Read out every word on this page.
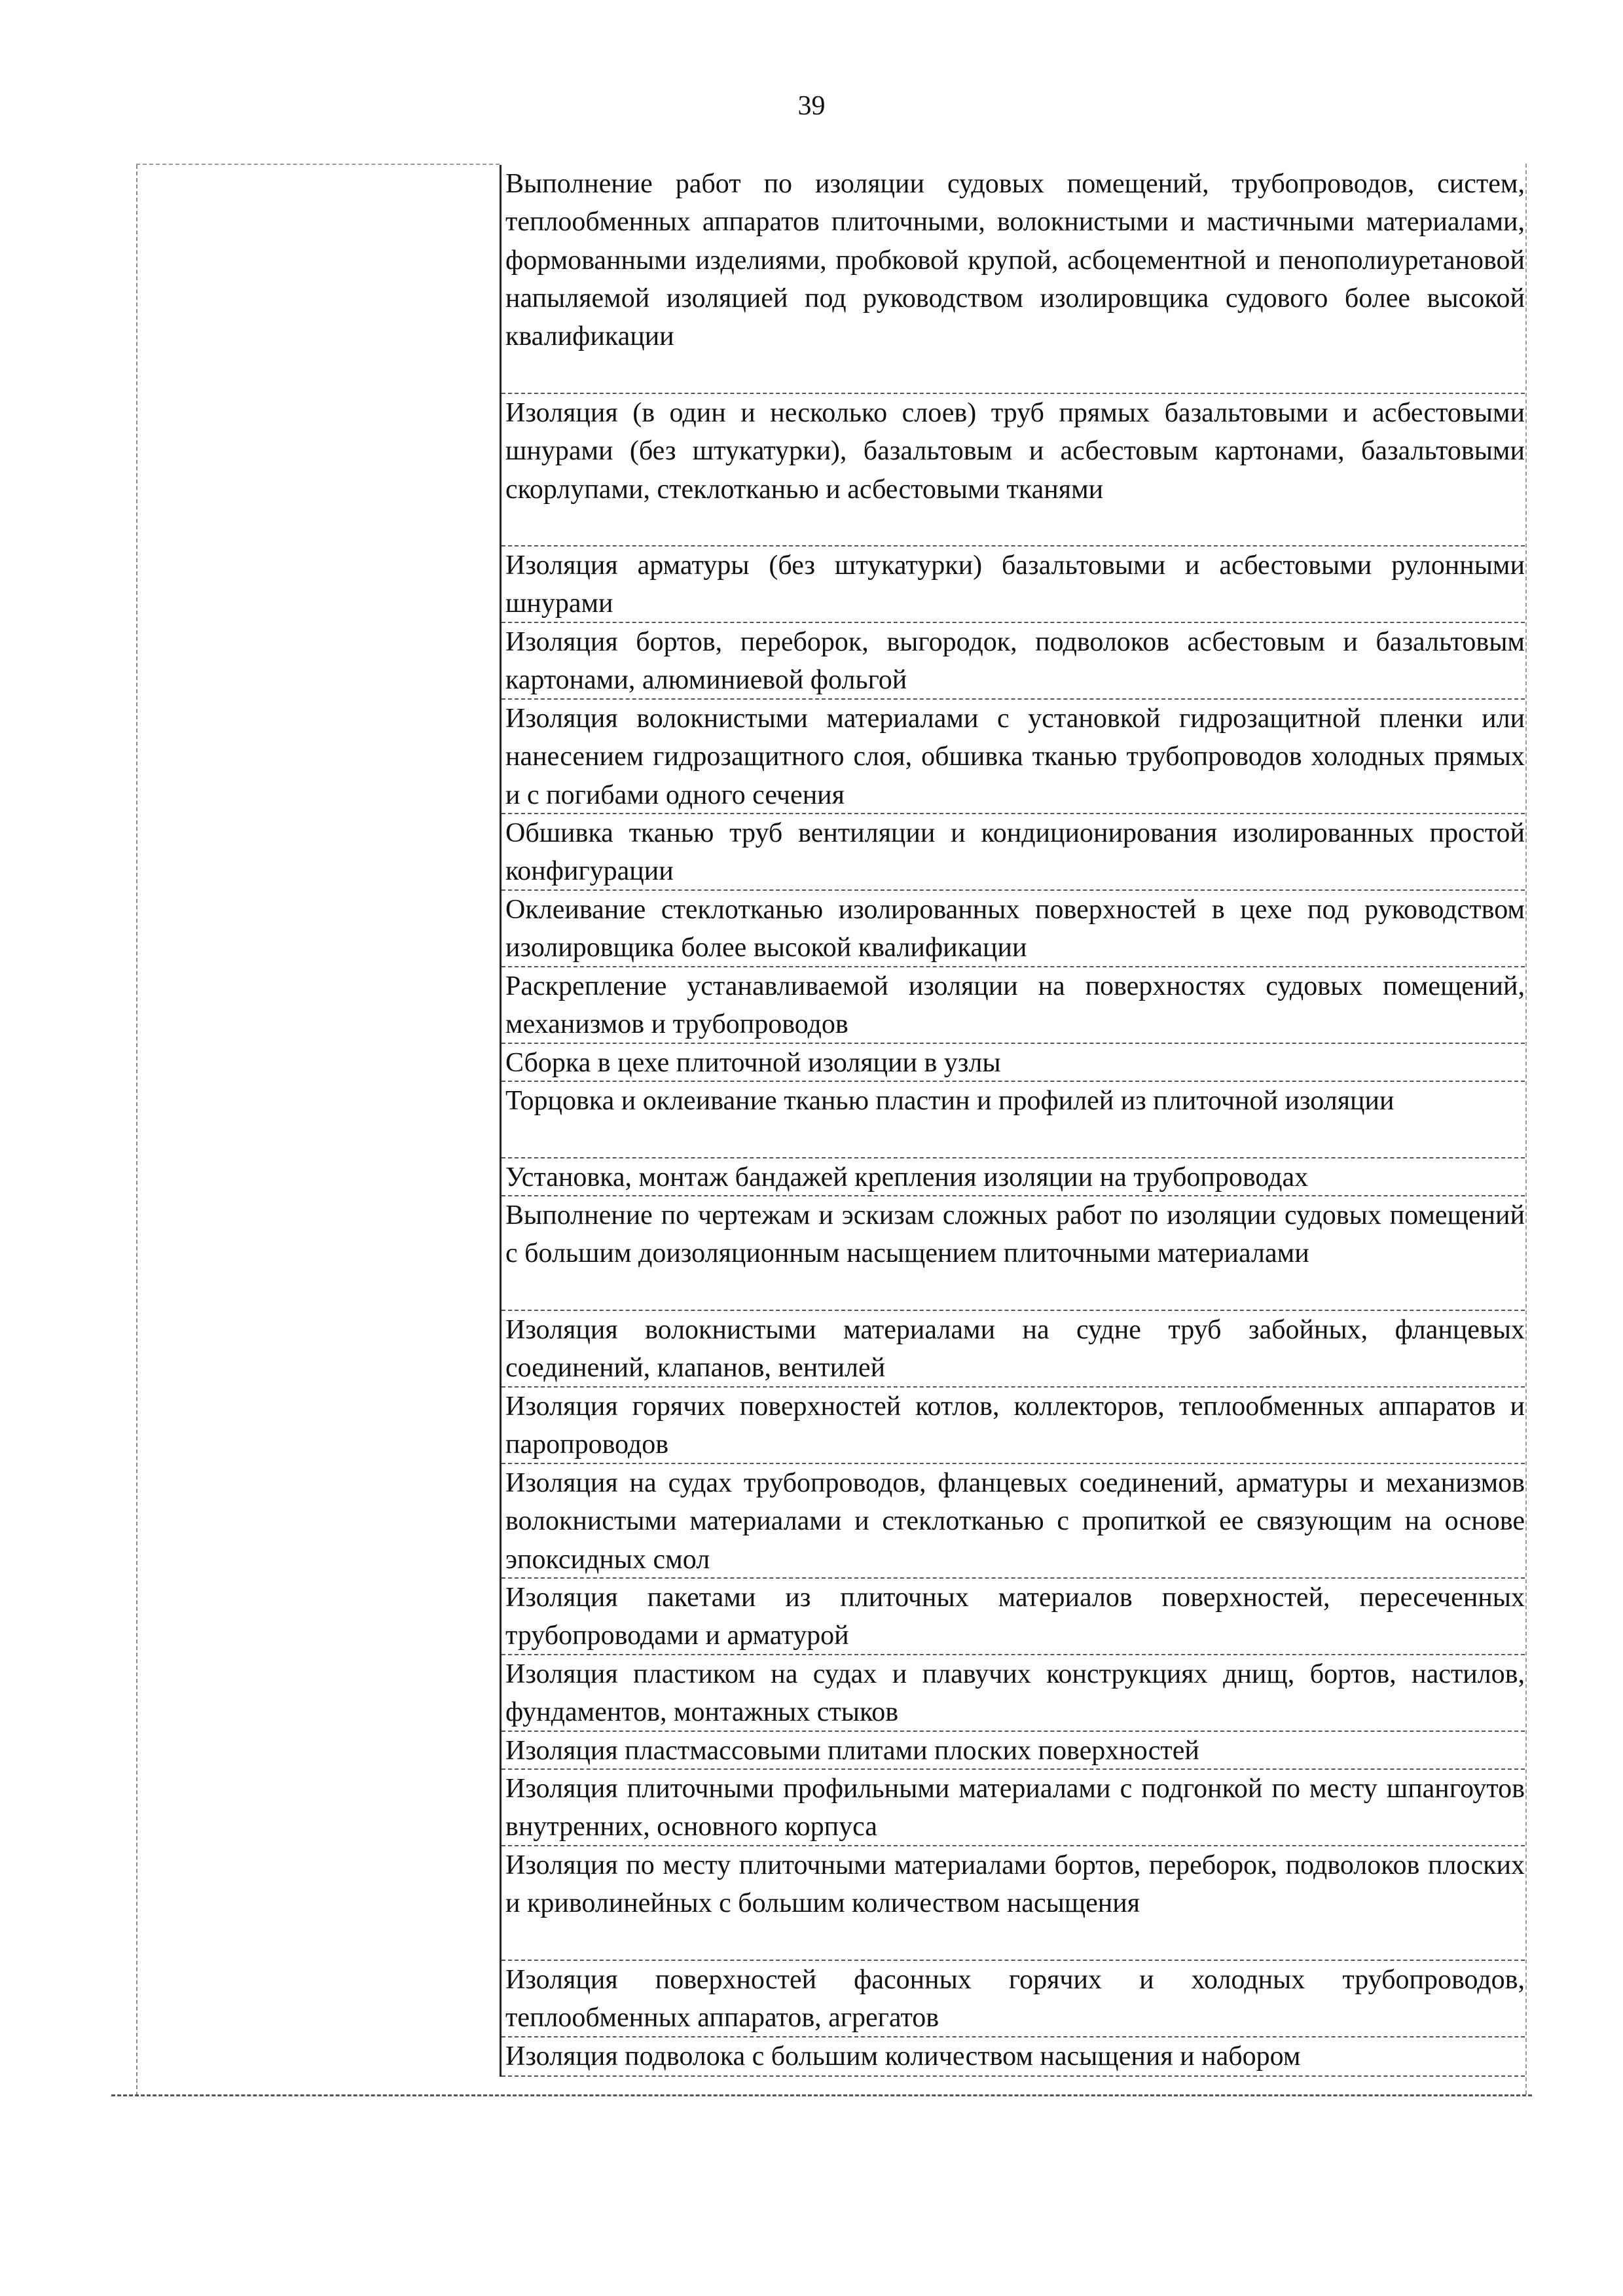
39
Выполнение работ по изоляции судовых помещений, трубопроводов, систем, теплообменных аппаратов плиточными, волокнистыми и мастичными материалами, формованными изделиями, пробковой крупой, асбоцементной и пенополиуретановой напыляемой изоляцией под руководством изолировщика судового более высокой квалификации
Изоляция (в один и несколько слоев) труб прямых базальтовыми и асбестовыми шнурами (без штукатурки), базальтовым и асбестовым картонами, базальтовыми скорлупами, стеклотканью и асбестовыми тканями
Изоляция арматуры (без штукатурки) базальтовыми и асбестовыми рулонными шнурами
Изоляция бортов, переборок, выгородок, подволоков асбестовым и базальтовым картонами, алюминиевой фольгой
Изоляция волокнистыми материалами с установкой гидрозащитной пленки или нанесением гидрозащитного слоя, обшивка тканью трубопроводов холодных прямых и с погибами одного сечения
Обшивка тканью труб вентиляции и кондиционирования изолированных простой конфигурации
Оклеивание стеклотканью изолированных поверхностей в цехе под руководством изолировщика более высокой квалификации
Раскрепление устанавливаемой изоляции на поверхностях судовых помещений, механизмов и трубопроводов
Сборка в цехе плиточной изоляции в узлы
Торцовка и оклеивание тканью пластин и профилей из плиточной изоляции
Установка, монтаж бандажей крепления изоляции на трубопроводах
Выполнение по чертежам и эскизам сложных работ по изоляции судовых помещений с большим доизоляционным насыщением плиточными материалами
Изоляция волокнистыми материалами на судне труб забойных, фланцевых соединений, клапанов, вентилей
Изоляция горячих поверхностей котлов, коллекторов, теплообменных аппаратов и паропроводов
Изоляция на судах трубопроводов, фланцевых соединений, арматуры и механизмов волокнистыми материалами и стеклотканью с пропиткой ее связующим на основе эпоксидных смол
Изоляция пакетами из плиточных материалов поверхностей, пересеченных трубопроводами и арматурой
Изоляция пластиком на судах и плавучих конструкциях днищ, бортов, настилов, фундаментов, монтажных стыков
Изоляция пластмассовыми плитами плоских поверхностей
Изоляция плиточными профильными материалами с подгонкой по месту шпангоутов внутренних, основного корпуса
Изоляция по месту плиточными материалами бортов, переборок, подволоков плоских и криволинейных с большим количеством насыщения
Изоляция поверхностей фасонных горячих и холодных трубопроводов, теплообменных аппаратов, агрегатов
Изоляция подволока с большим количеством насыщения и набором
